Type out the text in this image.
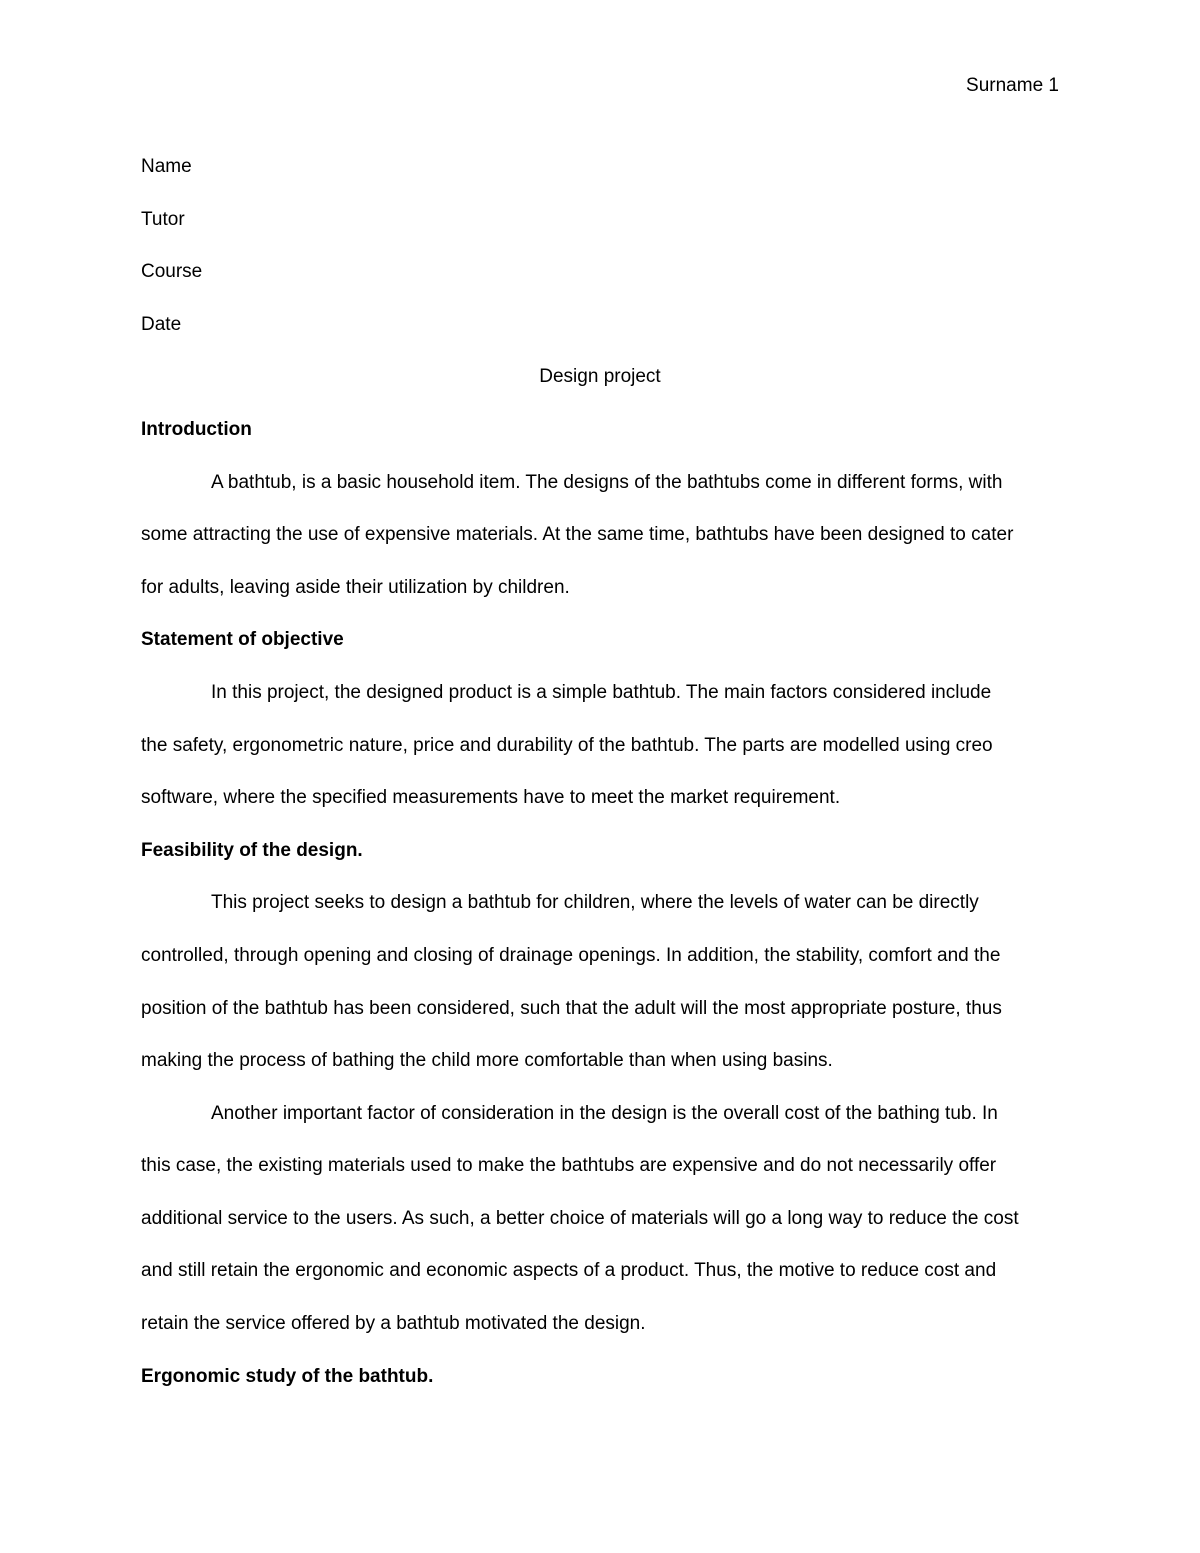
Surname 1
Name
Tutor
Course
Date
Design project
Introduction
A bathtub, is a basic household item. The designs of the bathtubs come in different forms, with
some attracting the use of expensive materials. At the same time, bathtubs have been designed to cater
for adults, leaving aside their utilization by children.
Statement of objective
In this project, the designed product is a simple bathtub. The main factors considered include
the safety, ergonometric nature, price and durability of the bathtub. The parts are modelled using creo
software, where the specified measurements have to meet the market requirement.
Feasibility of the design.
This project seeks to design a bathtub for children, where the levels of water can be directly
controlled, through opening and closing of drainage openings. In addition, the stability, comfort and the
position of the bathtub has been considered, such that the adult will the most appropriate posture, thus
making the process of bathing the child more comfortable than when using basins.
Another important factor of consideration in the design is the overall cost of the bathing tub. In
this case, the existing materials used to make the bathtubs are expensive and do not necessarily offer
additional service to the users. As such, a better choice of materials will go a long way to reduce the cost
and still retain the ergonomic and economic aspects of a product. Thus, the motive to reduce cost and
retain the service offered by a bathtub motivated the design.
Ergonomic study of the bathtub.
